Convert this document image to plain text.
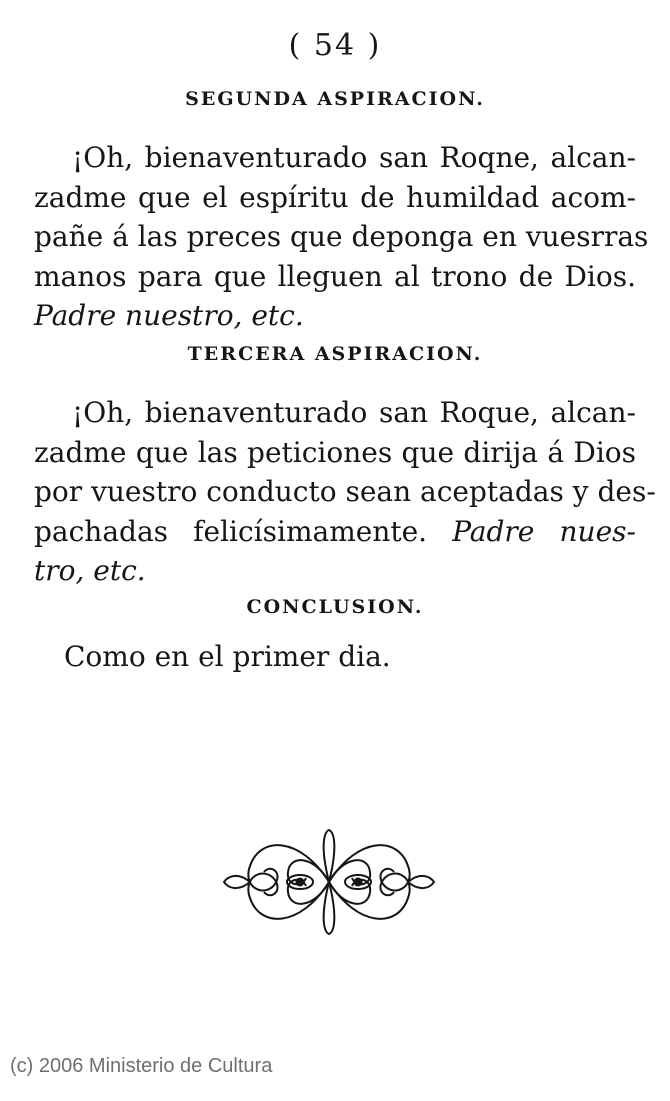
( 54 )
SEGUNDA ASPIRACION.

¡Oh, bienaventurado san Roqne, alcan-
zadme que el espíritu de humildad acom-
pañe á las preces que deponga en vuesrras
manos para que lleguen al trono de Dios.
Padre nuestro, etc.

TERCERA ASPIRACION.

¡Oh, bienaventurado san Roque, alcan-
zadme que las peticiones que dirija á Dios
por vuestro conducto sean aceptadas y des-
pachadas felicísimamente. Padre nues-
tro, etc.

CONCLUSION.

Como en el primer dia.

(c) 2006 Ministerio de Cultura
